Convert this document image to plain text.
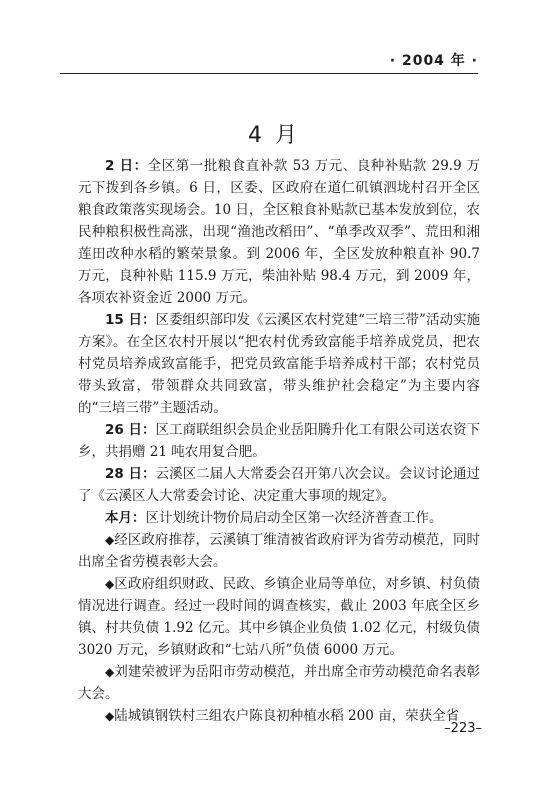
· 2004 年 ·
4 月

2 日：全区第一批粮食直补款 53 万元、良种补贴款 29.9 万元下拨到各乡镇。6 日，区委、区政府在道仁矶镇泗垅村召开全区粮食政策落实现场会。10 日，全区粮食补贴款已基本发放到位，农民种粮积极性高涨，出现“渔池改稻田”、“单季改双季”、荒田和湘莲田改种水稻的繁荣景象。到 2006 年，全区发放种粮直补 90.7 万元，良种补贴 115.9 万元，柴油补贴 98.4 万元，到 2009 年，各项农补资金近 2000 万元。

15 日：区委组织部印发《云溪区农村党建“三培三带”活动实施方案》。在全区农村开展以“把农村优秀致富能手培养成党员，把农村党员培养成致富能手，把党员致富能手培养成村干部；农村党员带头致富，带领群众共同致富，带头维护社会稳定”为主要内容的“三培三带”主题活动。

26 日：区工商联组织会员企业岳阳腾升化工有限公司送农资下乡，共捐赠 21 吨农用复合肥。

28 日：云溪区二届人大常委会召开第八次会议。会议讨论通过了《云溪区人大常委会讨论、决定重大事项的规定》。

本月：区计划统计物价局启动全区第一次经济普查工作。

◆经区政府推荐，云溪镇丁维清被省政府评为省劳动模范，同时出席全省劳模表彰大会。

◆区政府组织财政、民政、乡镇企业局等单位，对乡镇、村负债情况进行调查。经过一段时间的调查核实，截止 2003 年底全区乡镇、村共负债 1.92 亿元。其中乡镇企业负债 1.02 亿元，村级负债 3020 万元，乡镇财政和“七站八所”负债 6000 万元。

◆刘建荣被评为岳阳市劳动模范，并出席全市劳动模范命名表彰大会。

◆陆城镇钢铁村三组农户陈良初种植水稻 200 亩，荣获全省

–223–
